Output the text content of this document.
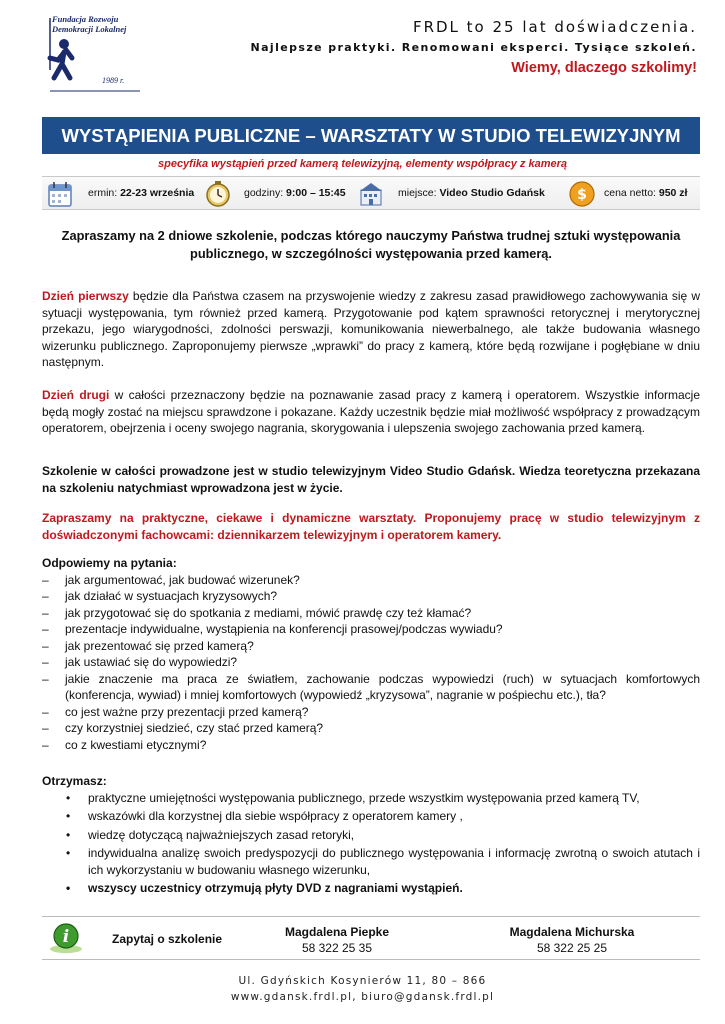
Fundacja Rozwoju
Demokracji Lokalnej
1989 r.
FRDL to 25 lat doświadczenia.
Najlepsze praktyki. Renomowani eksperci. Tysiące szkoleń.
Wiemy, dlaczego szkolimy!
WYSTĄPIENIA PUBLICZNE – WARSZTATY W STUDIO TELEWIZYJNYM
specyfika wystąpień przed kamerą telewizyjną, elementy współpracy z kamerą
ermin: 22-23 września	godziny: 9:00 – 15:45	miejsce: Video Studio Gdańsk $ cena netto: 950 zł
Zapraszamy na 2 dniowe szkolenie, podczas którego nauczymy Państwa trudnej sztuki występowania publicznego, w szczególności występowania przed kamerą.
Dzień pierwszy będzie dla Państwa czasem na przyswojenie wiedzy z zakresu zasad prawidłowego zachowywania się w sytuacji występowania, tym również przed kamerą. Przygotowanie pod kątem sprawności retorycznej i merytorycznej przekazu, jego wiarygodności, zdolności perswazji, komunikowania niewerbalnego, ale także budowania własnego wizerunku publicznego. Zaproponujemy pierwsze „wprawki” do pracy z kamerą, które będą rozwijane i pogłębiane w dniu następnym.
Dzień drugi w całości przeznaczony będzie na poznawanie zasad pracy z kamerą i operatorem. Wszystkie informacje będą mogły zostać na miejscu sprawdzone i pokazane. Każdy uczestnik będzie miał możliwość współpracy z prowadzącym operatorem, obejrzenia i oceny swojego nagrania, skorygowania i ulepszenia swojego zachowania przed kamerą.
Szkolenie w całości prowadzone jest w studio telewizyjnym Video Studio Gdańsk. Wiedza teoretyczna przekazana na szkoleniu natychmiast wprowadzona jest w życie.
Zapraszamy na praktyczne, ciekawe i dynamiczne warsztaty. Proponujemy pracę w studio telewizyjnym z doświadczonymi fachowcami: dziennikarzem telewizyjnym i operatorem kamery.
Odpowiemy na pytania:
– jak argumentować, jak budować wizerunek?
– jak działać w systuacjach kryzysowych?
– jak przygotować się do spotkania z mediami, mówić prawdę czy też kłamać?
– prezentacje indywidualne, wystąpienia na konferencji prasowej/podczas wywiadu?
– jak prezentować się przed kamerą?
– jak ustawiać się do wypowiedzi?
– jakie znaczenie ma praca ze światłem, zachowanie podczas wypowiedzi (ruch) w sytuacjach komfortowych (konferencja, wywiad) i mniej komfortowych (wypowiedź „kryzysowa”, nagranie w pośpiechu etc.), tła?
– co jest ważne przy prezentacji przed kamerą?
– czy korzystniej siedzieć, czy stać przed kamerą?
– co z kwestiami etycznymi?
Otrzymasz:
• praktyczne umiejętności występowania publicznego, przede wszystkim występowania przed kamerą TV,
• wskazówki dla korzystnej dla siebie współpracy z operatorem kamery ,
• wiedzę dotyczącą najważniejszych zasad retoryki,
• indywidualna analizę swoich predyspozycji do publicznego występowania i informację zwrotną o swoich atutach i ich wykorzystaniu w budowaniu własnego wizerunku,
• wszyscy uczestnicy otrzymują płyty DVD z nagraniami wystąpień.
i	Zapytaj o szkolenie	Magdalena Piepke
58 322 25 35
Magdalena Michurska
58 322 25 25
Ul. Gdyńskich Kosynierów 11, 80 – 866
www.gdansk.frdl.pl, biuro@gdansk.frdl.pl
